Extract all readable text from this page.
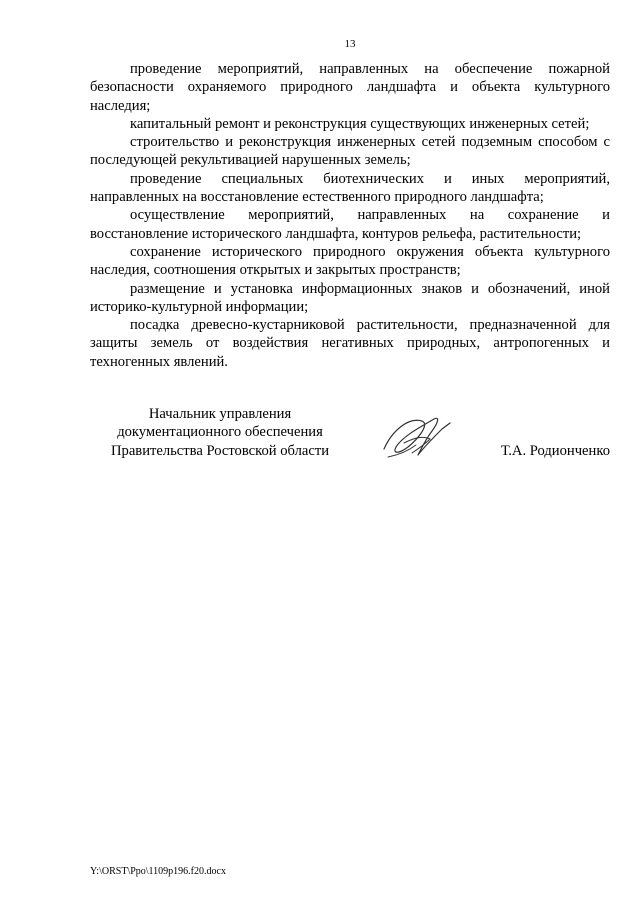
13

проведение мероприятий, направленных на обеспечение пожарной безопасности охраняемого природного ландшафта и объекта культурного наследия;

капитальный ремонт и реконструкция существующих инженерных сетей;

строительство и реконструкция инженерных сетей подземным способом с последующей рекультивацией нарушенных земель;

проведение специальных биотехнических и иных мероприятий, направленных на восстановление естественного природного ландшафта;

осуществление мероприятий, направленных на сохранение и восстановление исторического ландшафта, контуров рельефа, растительности;

сохранение исторического природного окружения объекта культурного наследия, соотношения открытых и закрытых пространств;

размещение и установка информационных знаков и обозначений, иной историко-культурной информации;

посадка древесно-кустарниковой растительности, предназначенной для защиты земель от воздействия негативных природных, антропогенных и техногенных явлений.

Начальник управления
документационного обеспечения
Правительства Ростовской области	Т.А. Родионченко
Y:\ORST\Ppo\1109p196.f20.docx
